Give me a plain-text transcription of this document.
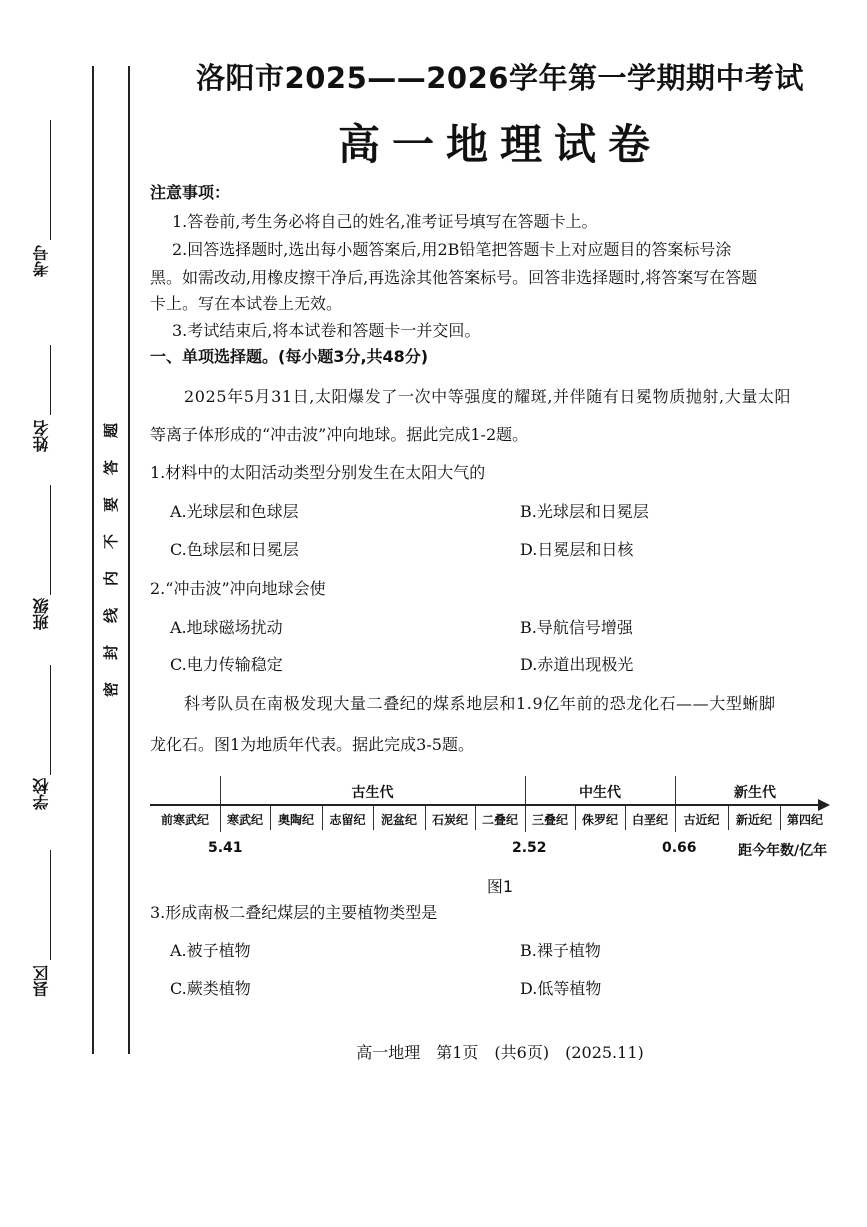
考号
姓名
班级
学校
县区
题
答
要
不
内
线
封
密
洛阳市2025——2026学年第一学期期中考试
高一地理试卷
注意事项：
1.答卷前,考生务必将自己的姓名,准考证号填写在答题卡上。
2.回答选择题时,选出每小题答案后,用2B铅笔把答题卡上对应题目的答案标号涂
黑。如需改动,用橡皮擦干净后,再选涂其他答案标号。回答非选择题时,将答案写在答题
卡上。写在本试卷上无效。
3.考试结束后,将本试卷和答题卡一并交回。
一、单项选择题。(每小题3分,共48分)
2025年5月31日,太阳爆发了一次中等强度的耀斑,并伴随有日冕物质抛射,大量太阳
等离子体形成的“冲击波”冲向地球。据此完成1-2题。
1.材料中的太阳活动类型分别发生在太阳大气的
A.光球层和色球层	B.光球层和日冕层
C.色球层和日冕层	D.日冕层和日核
2.“冲击波”冲向地球会使
A.地球磁场扰动	B.导航信号增强
C.电力传输稳定	D.赤道出现极光
科考队员在南极发现大量二叠纪的煤系地层和1.9亿年前的恐龙化石——大型蜥脚
龙化石。图1为地质年代表。据此完成3-5题。
古生代	中生代	新生代
前寒武纪	寒武纪	奥陶纪	志留纪	泥盆纪	石炭纪	二叠纪	三叠纪	侏罗纪	白垩纪	古近纪	新近纪	第四纪
5.41	2.52	0.66	距今年数/亿年
图1
3.形成南极二叠纪煤层的主要植物类型是
A.被子植物	B.裸子植物
C.蕨类植物	D.低等植物
高一地理　第1页　(共6页)　(2025.11)
